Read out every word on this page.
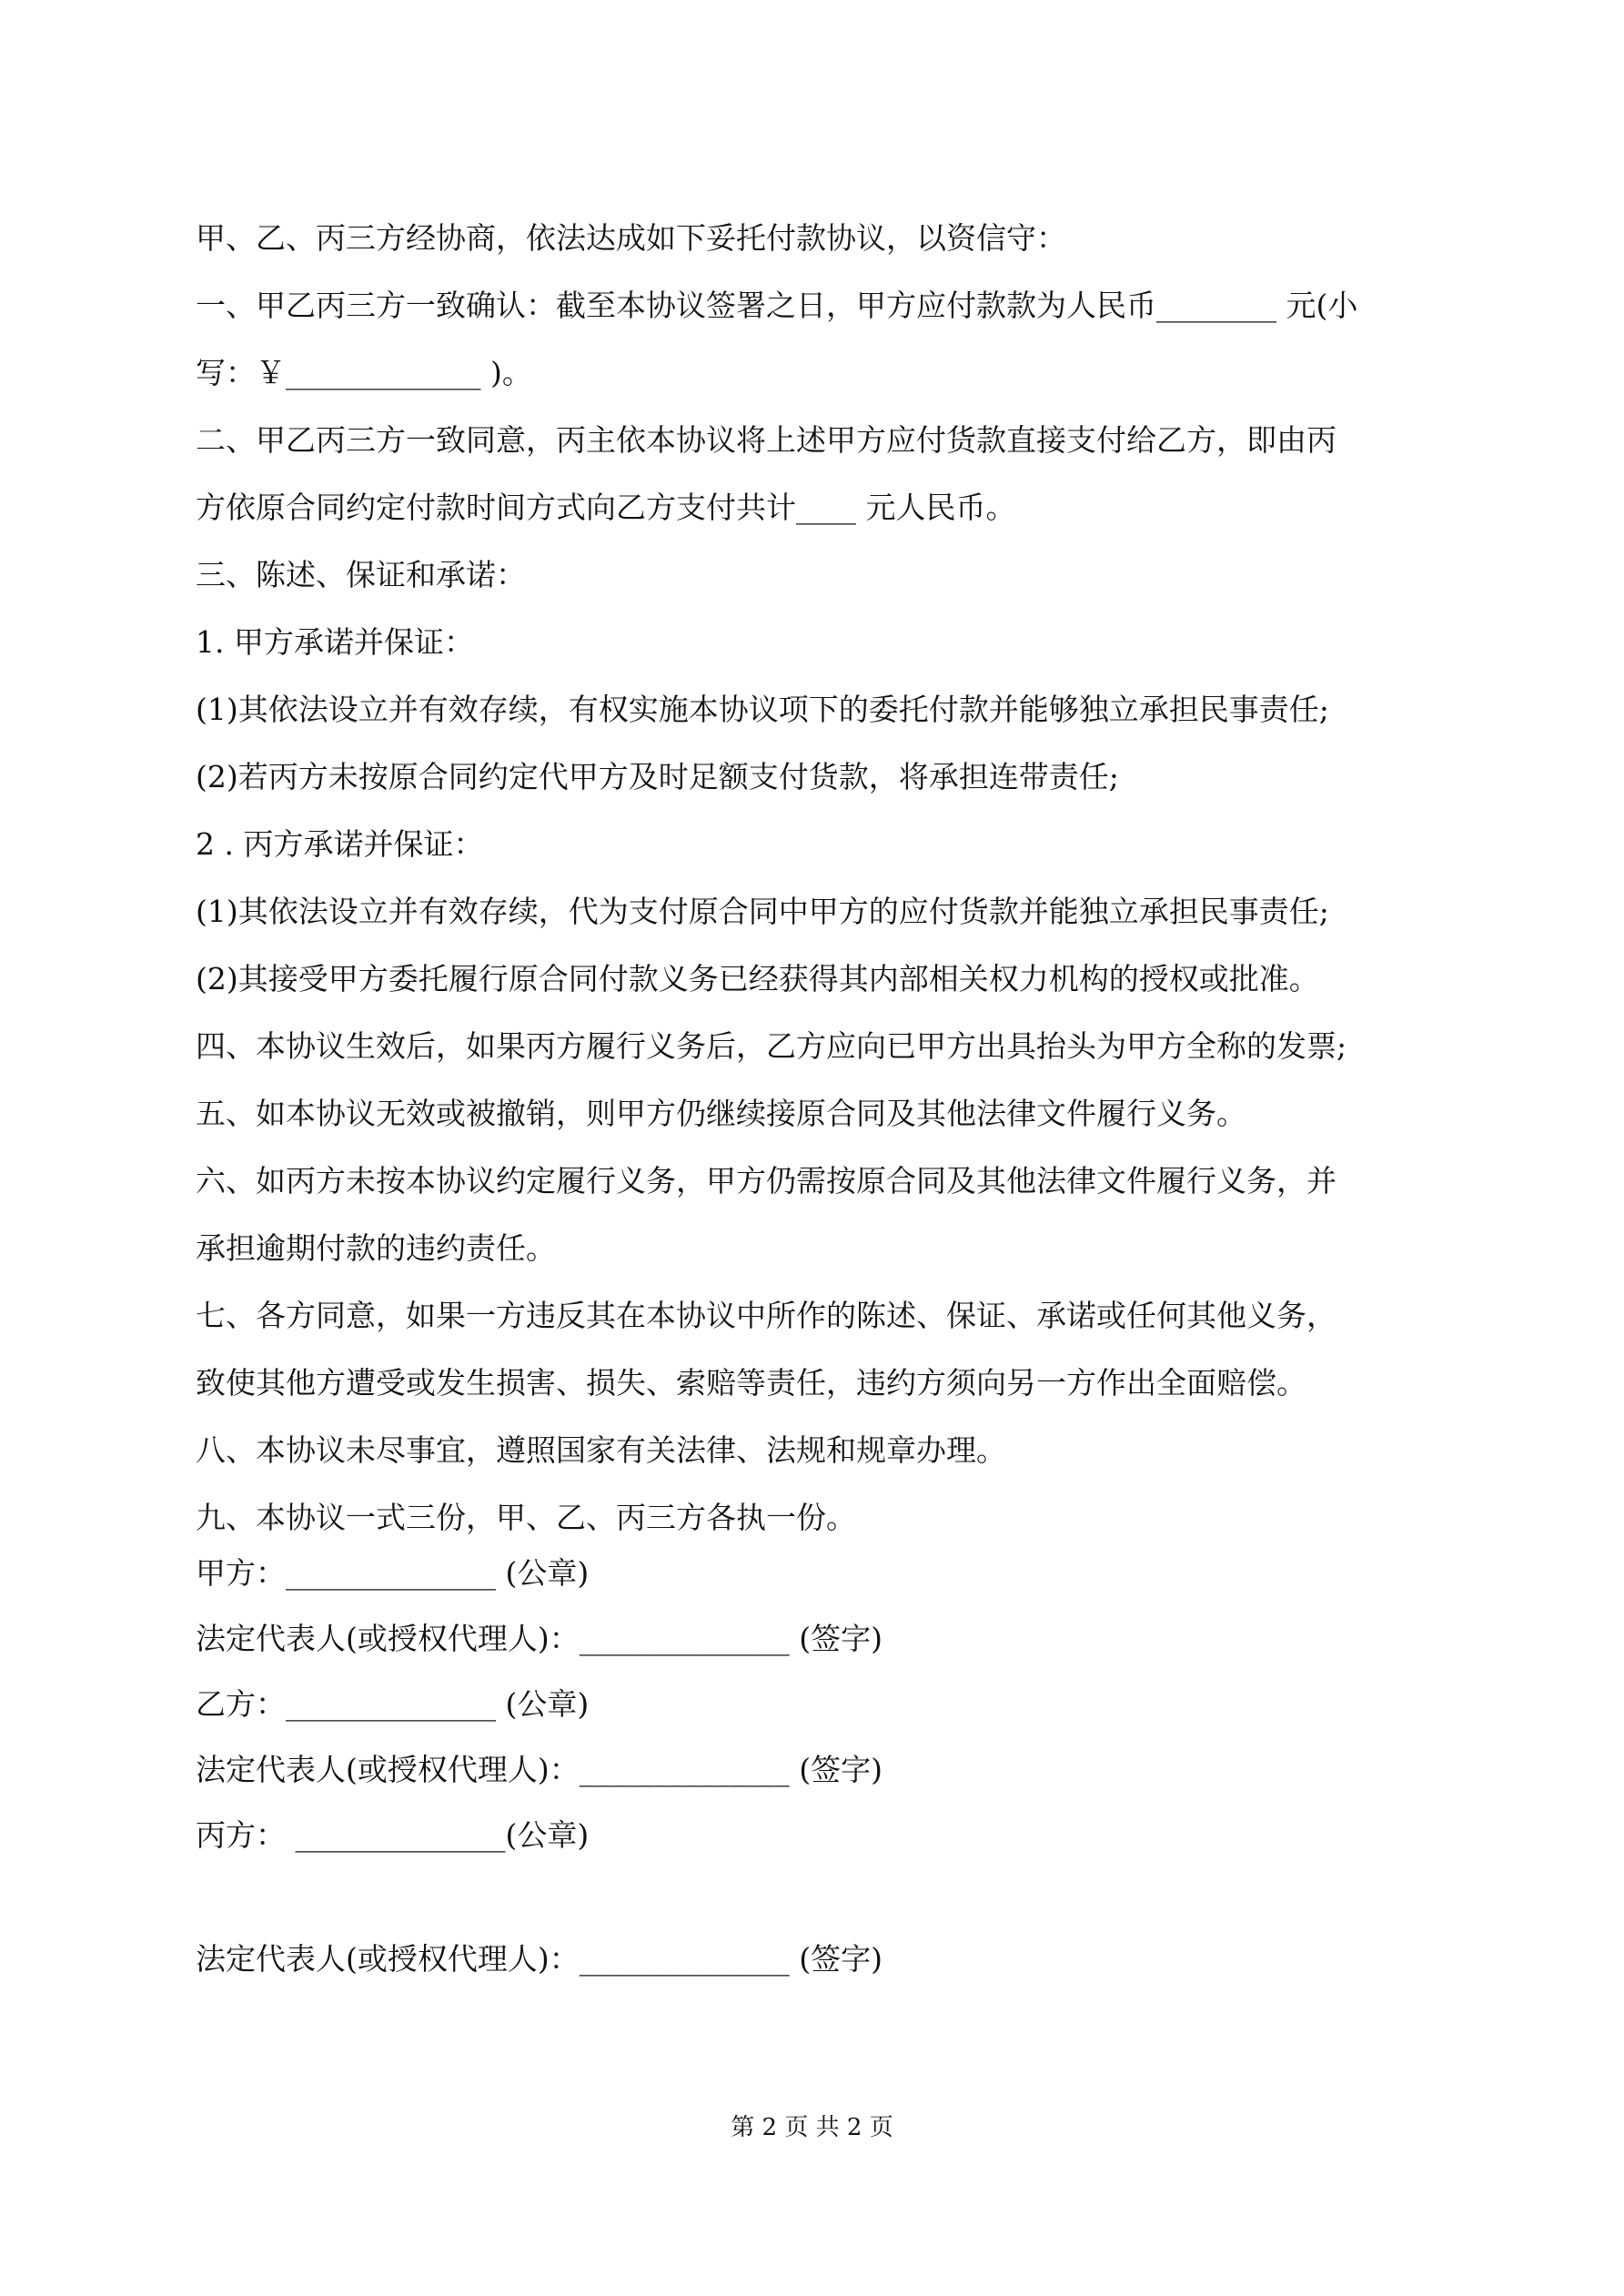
甲、乙、丙三方经协商，依法达成如下妥托付款协议，以资信守：
一、甲乙丙三方一致确认：截至本协议签署之日，甲方应付款款为人民币________ 元(小
写：￥_____________ )。
二、甲乙丙三方一致同意，丙主依本协议将上述甲方应付货款直接支付给乙方，即由丙
方依原合同约定付款时间方式向乙方支付共计____ 元人民币。
三、陈述、保证和承诺：
1. 甲方承诺并保证：
(1)其依法设立并有效存续，有权实施本协议项下的委托付款并能够独立承担民事责任;
(2)若丙方未按原合同约定代甲方及时足额支付货款，将承担连带责任;
2 . 丙方承诺并保证：
(1)其依法设立并有效存续，代为支付原合同中甲方的应付货款并能独立承担民事责任;
(2)其接受甲方委托履行原合同付款义务已经获得其内部相关权力机构的授权或批准。
四、本协议生效后，如果丙方履行义务后，乙方应向已甲方出具抬头为甲方全称的发票;
五、如本协议无效或被撤销，则甲方仍继续接原合同及其他法律文件履行义务。
六、如丙方未按本协议约定履行义务，甲方仍需按原合同及其他法律文件履行义务，并
承担逾期付款的违约责任。
七、各方同意，如果一方违反其在本协议中所作的陈述、保证、承诺或任何其他义务，
致使其他方遭受或发生损害、损失、索赔等责任，违约方须向另一方作出全面赔偿。
八、本协议未尽事宜，遵照国家有关法律、法规和规章办理。
九、本协议一式三份，甲、乙、丙三方各执一份。
甲方：______________ (公章)
法定代表人(或授权代理人)：______________ (签字)
乙方：______________ (公章)
法定代表人(或授权代理人)：______________ (签字)
丙方： ______________(公章)
法定代表人(或授权代理人)：______________ (签字)
第 2 页 共 2 页
